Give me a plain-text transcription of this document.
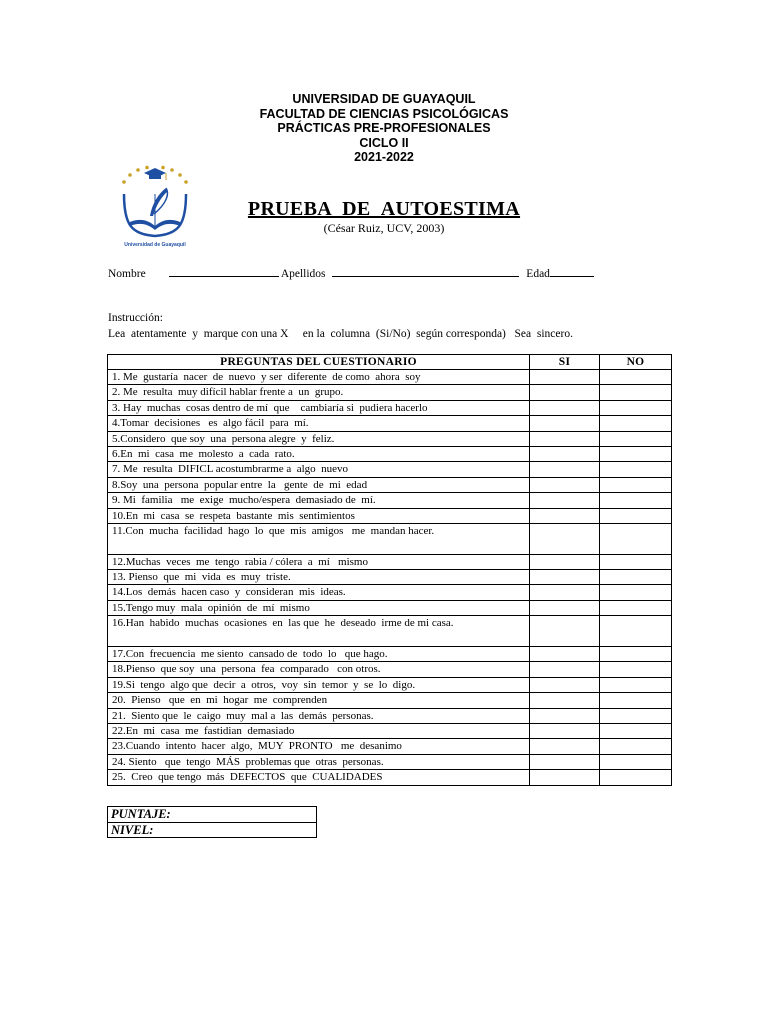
UNIVERSIDAD DE GUAYAQUIL
FACULTAD DE CIENCIAS PSICOLÓGICAS
PRÁCTICAS PRE-PROFESIONALES
CICLO II
2021-2022
Universidad de Guayaquil
PRUEBA DE AUTOESTIMA
(César Ruiz, UCV, 2003)
Nombre	Apellidos	Edad
Instrucción:
Lea  atentamente  y  marque con una X     en la  columna  (Si/No)  según corresponda)   Sea  sincero.
PREGUNTAS DEL CUESTIONARIO	SI	NO

1. Me  gustaría  nacer  de  nuevo  y ser  diferente  de como  ahora  soy		

2. Me  resulta  muy difícil hablar frente a  un  grupo.		

3. Hay  muchas  cosas dentro de mí  que    cambiaría si  pudiera hacerlo		

4.Tomar  decisiones   es  algo fácil  para  mí.		

5.Considero  que soy  una  persona alegre  y  feliz.		

6.En  mi  casa  me  molesto  a  cada  rato.		

7. Me  resulta  DIFICL acostumbrarme a  algo  nuevo		

8.Soy  una  persona  popular entre  la   gente  de  mi  edad		

9. Mi  familia   me  exige  mucho/espera  demasiado de  mí.		

10.En  mi  casa  se  respeta  bastante  mis  sentimientos		

11.Con  mucha  facilidad  hago  lo  que  mis  amigos   me  mandan hacer.		

12.Muchas  veces  me  tengo  rabia / cólera  a  mí   mismo		

13. Pienso  que  mi  vida  es  muy  triste.		

14.Los  demás  hacen caso  y  consideran  mis  ideas.		

15.Tengo muy  mala  opinión  de  mí  mismo		

16.Han  habido  muchas  ocasiones  en  las que  he  deseado  irme de mi casa.		

17.Con  frecuencia  me siento  cansado de  todo  lo   que hago.		

18.Pienso  que soy  una  persona  fea  comparado   con otros.		

19.Si  tengo  algo que  decir  a  otros,  voy  sin  temor  y  se  lo  digo.		

20.  Pienso   que  en  mi  hogar  me  comprenden		

21.  Siento que  le  caigo  muy  mal a  las  demás  personas.		

22.En  mi  casa  me  fastidian  demasiado		

23.Cuando  intento  hacer  algo,  MUY  PRONTO   me  desanimo		

24. Siento   que  tengo  MÁS  problemas que  otras  personas.		

25.  Creo  que tengo  más  DEFECTOS  que  CUALIDADES		

PUNTAJE:
NIVEL:
